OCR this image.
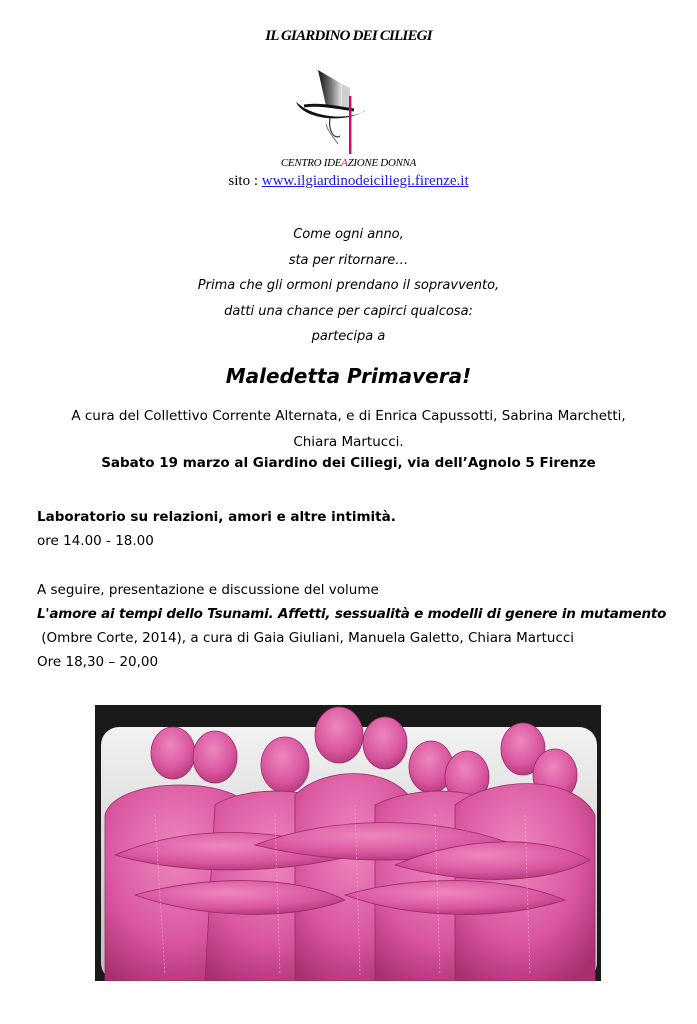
IL GIARDINO DEI CILIEGI
CENTRO IDEAZIONE DONNA
sito : www.ilgiardinodeiciliegi.firenze.it
Come ogni anno,
sta per ritornare…
Prima che gli ormoni prendano il sopravvento,
datti una chance per capirci qualcosa:
partecipa a
Maledetta Primavera!
A cura del Collettivo Corrente Alternata, e di Enrica Capussotti, Sabrina Marchetti,
Chiara Martucci.
Sabato 19 marzo al Giardino dei Ciliegi, via dell’Agnolo 5 Firenze
Laboratorio su relazioni, amori e altre intimità.
ore 14.00 - 18.00
A seguire, presentazione e discussione del volume
L'amore ai tempi dello Tsunami. Affetti, sessualità e modelli di genere in mutamento
(Ombre Corte, 2014), a cura di Gaia Giuliani, Manuela Galetto, Chiara Martucci
Ore 18,30 – 20,00
